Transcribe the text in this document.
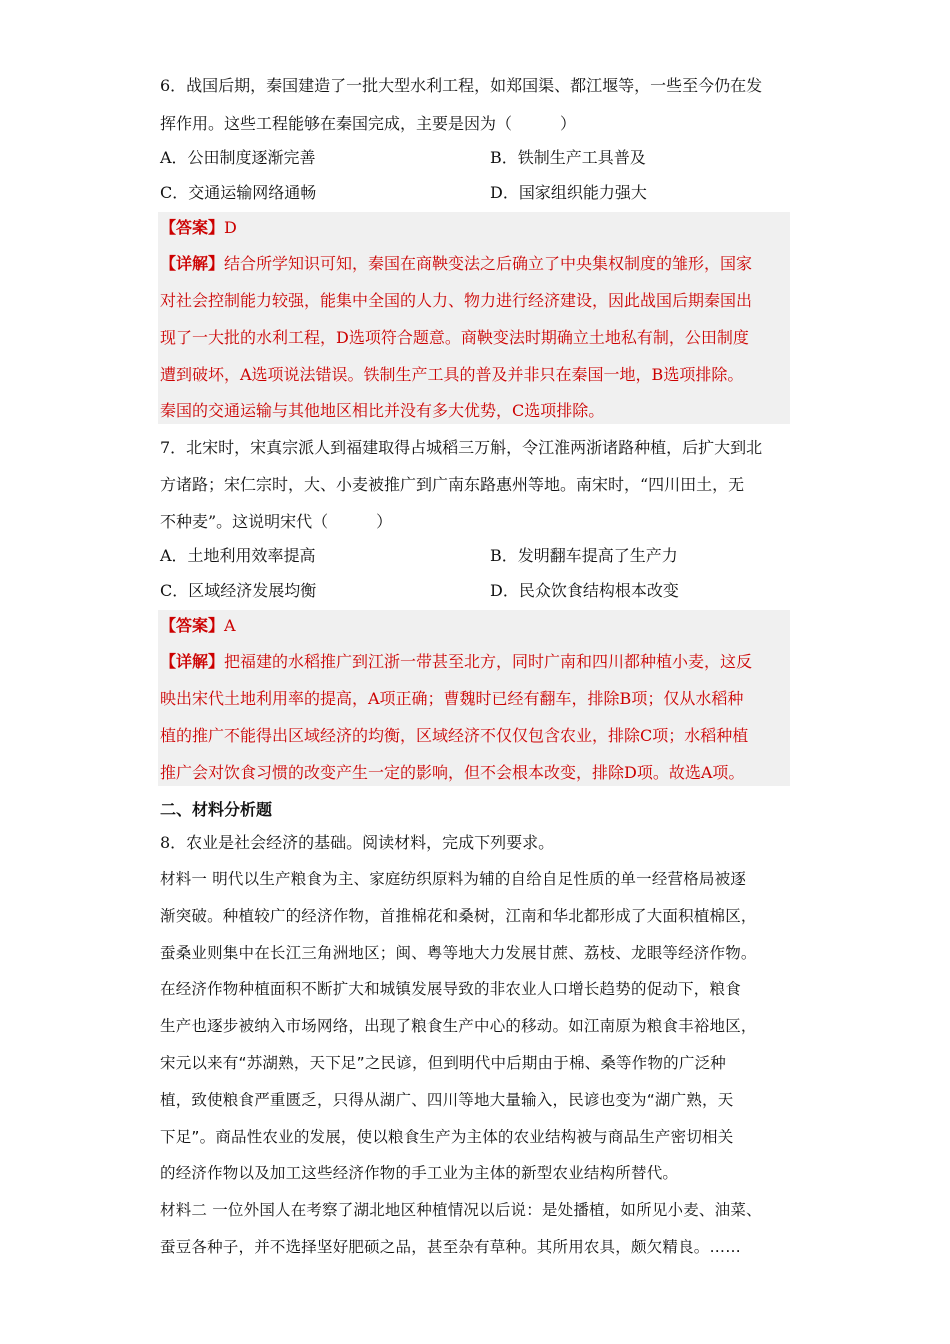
6．战国后期，秦国建造了一批大型水利工程，如郑国渠、都江堰等，一些至今仍在发
挥作用。这些工程能够在秦国完成，主要是因为（　　　）
A．公田制度逐渐完善	B．铁制生产工具普及
C．交通运输网络通畅	D．国家组织能力强大
【答案】D
【详解】结合所学知识可知，秦国在商鞅变法之后确立了中央集权制度的雏形，国家
对社会控制能力较强，能集中全国的人力、物力进行经济建设，因此战国后期秦国出
现了一大批的水利工程，D选项符合题意。商鞅变法时期确立土地私有制，公田制度
遭到破坏，A选项说法错误。铁制生产工具的普及并非只在秦国一地，B选项排除。
秦国的交通运输与其他地区相比并没有多大优势，C选项排除。
7．北宋时，宋真宗派人到福建取得占城稻三万斛，令江淮两浙诸路种植，后扩大到北
方诸路；宋仁宗时，大、小麦被推广到广南东路惠州等地。南宋时，“四川田土，无
不种麦”。这说明宋代（　　　）
A．土地利用效率提高	B．发明翻车提高了生产力
C．区域经济发展均衡	D．民众饮食结构根本改变
【答案】A
【详解】把福建的水稻推广到江浙一带甚至北方，同时广南和四川都种植小麦，这反
映出宋代土地利用率的提高，A项正确；曹魏时已经有翻车，排除B项；仅从水稻种
植的推广不能得出区域经济的均衡，区域经济不仅仅包含农业，排除C项；水稻种植
推广会对饮食习惯的改变产生一定的影响，但不会根本改变，排除D项。故选A项。
二、材料分析题
8．农业是社会经济的基础。阅读材料，完成下列要求。
材料一 明代以生产粮食为主、家庭纺织原料为辅的自给自足性质的单一经营格局被逐
渐突破。种植较广的经济作物，首推棉花和桑树，江南和华北都形成了大面积植棉区，
蚕桑业则集中在长江三角洲地区；闽、粤等地大力发展甘蔗、荔枝、龙眼等经济作物。
在经济作物种植面积不断扩大和城镇发展导致的非农业人口增长趋势的促动下，粮食
生产也逐步被纳入市场网络，出现了粮食生产中心的移动。如江南原为粮食丰裕地区，
宋元以来有“苏湖熟，天下足”之民谚，但到明代中后期由于棉、桑等作物的广泛种
植，致使粮食严重匮乏，只得从湖广、四川等地大量输入，民谚也变为“湖广熟，天
下足”。商品性农业的发展，使以粮食生产为主体的农业结构被与商品生产密切相关
的经济作物以及加工这些经济作物的手工业为主体的新型农业结构所替代。
材料二 一位外国人在考察了湖北地区种植情况以后说：是处播植，如所见小麦、油菜、
蚕豆各种子，并不选择坚好肥硕之品，甚至杂有草种。其所用农具，颇欠精良。……
